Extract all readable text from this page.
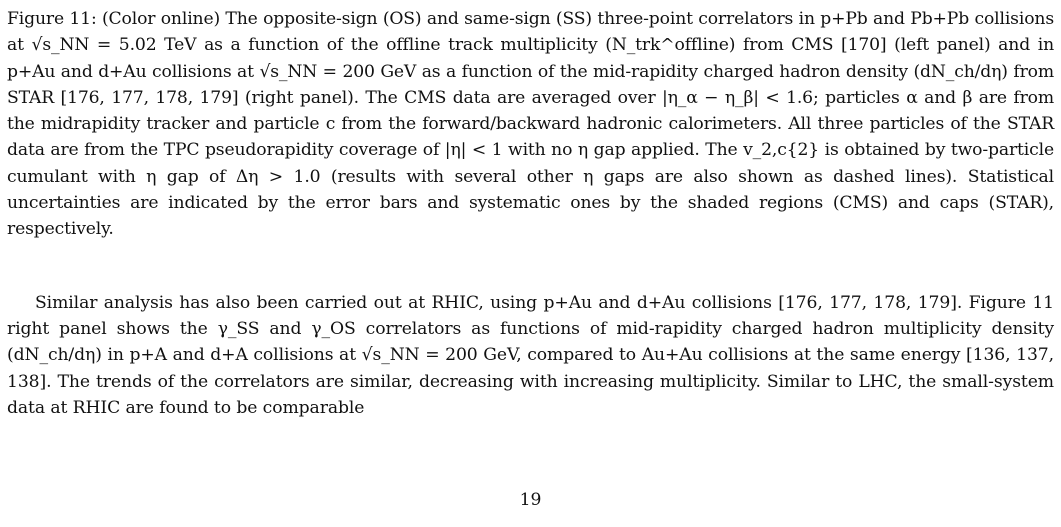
Figure 11: (Color online) The opposite-sign (OS) and same-sign (SS) three-point correlators in p+Pb and Pb+Pb collisions at √s_NN = 5.02 TeV as a function of the offline track multiplicity (N_trk^offline) from CMS [170] (left panel) and in p+Au and d+Au collisions at √s_NN = 200 GeV as a function of the mid-rapidity charged hadron density (dN_ch/dη) from STAR [176, 177, 178, 179] (right panel). The CMS data are averaged over |η_α − η_β| < 1.6; particles α and β are from the midrapidity tracker and particle c from the forward/backward hadronic calorimeters. All three particles of the STAR data are from the TPC pseudorapidity coverage of |η| < 1 with no η gap applied. The v_2,c{2} is obtained by two-particle cumulant with η gap of Δη > 1.0 (results with several other η gaps are also shown as dashed lines). Statistical uncertainties are indicated by the error bars and systematic ones by the shaded regions (CMS) and caps (STAR), respectively.

Similar analysis has also been carried out at RHIC, using p+Au and d+Au collisions [176, 177, 178, 179]. Figure 11 right panel shows the γ_SS and γ_OS correlators as functions of mid-rapidity charged hadron multiplicity density (dN_ch/dη) in p+A and d+A collisions at √s_NN = 200 GeV, compared to Au+Au collisions at the same energy [136, 137, 138]. The trends of the correlators are similar, decreasing with increasing multiplicity. Similar to LHC, the small-system data at RHIC are found to be comparable

19
